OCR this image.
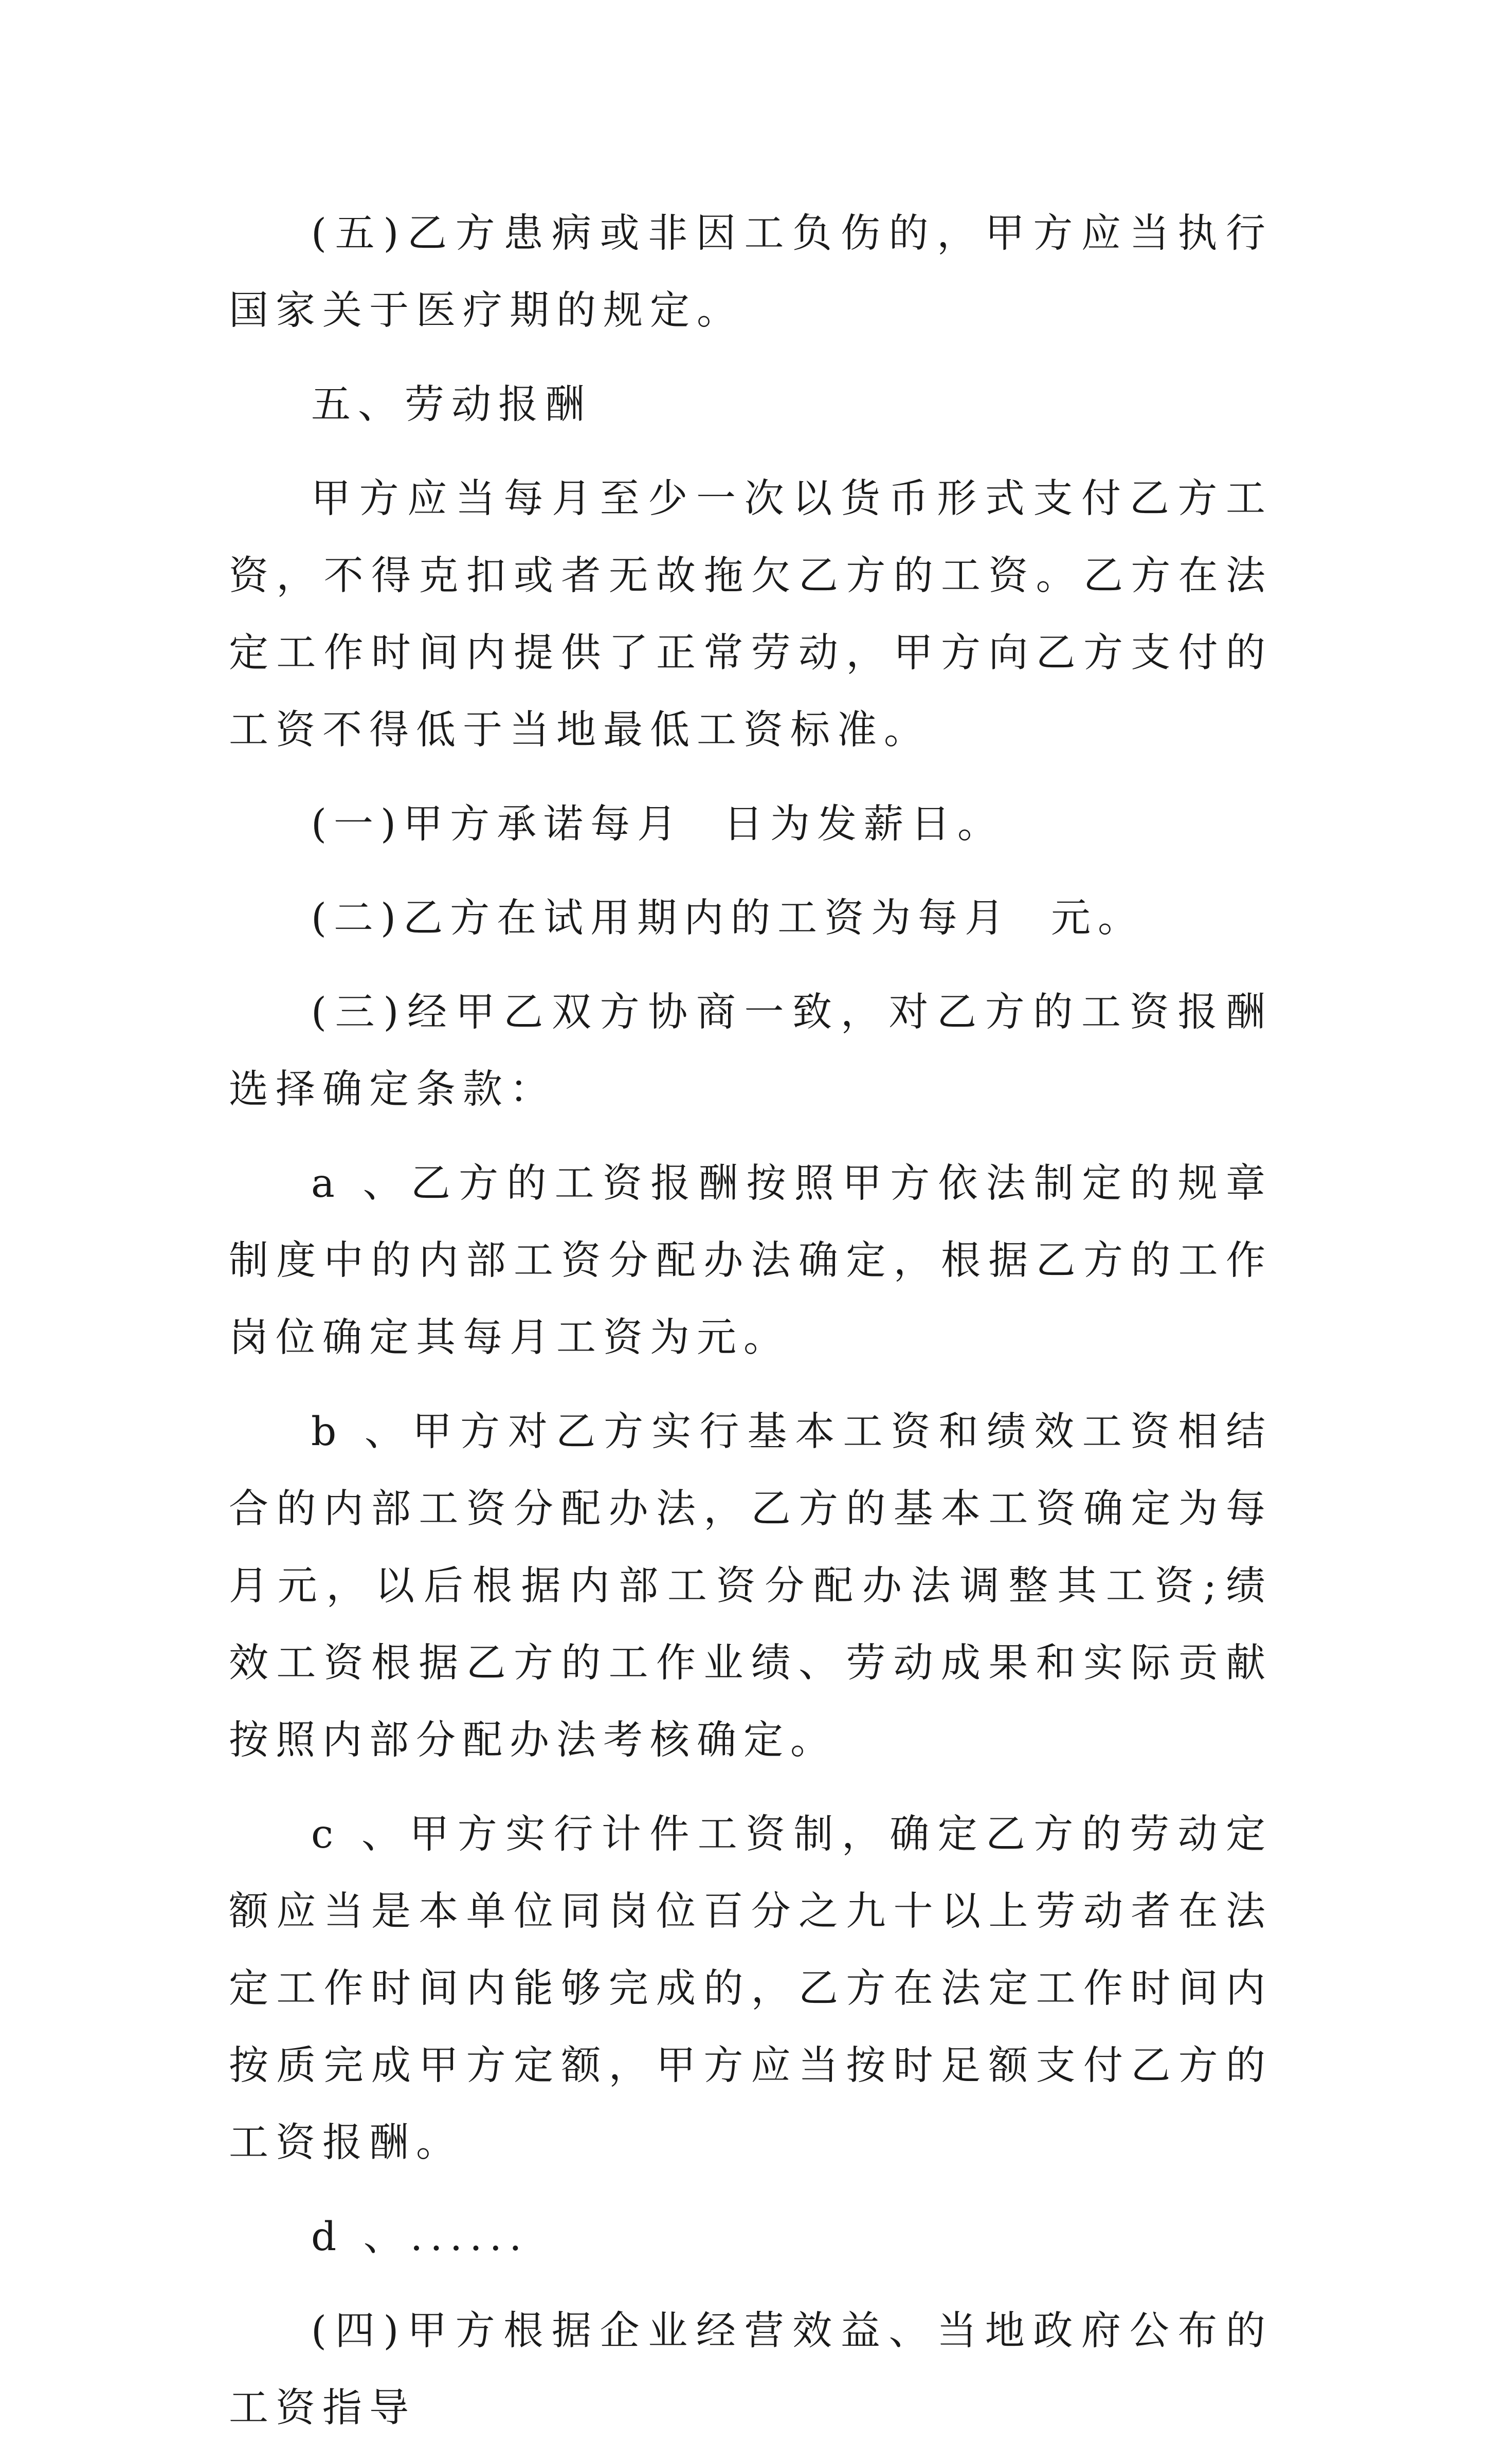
(五)乙方患病或非因工负伤的，甲方应当执行国家关于医疗期的规定。

五、劳动报酬

甲方应当每月至少一次以货币形式支付乙方工资，不得克扣或者无故拖欠乙方的工资。乙方在法定工作时间内提供了正常劳动，甲方向乙方支付的工资不得低于当地最低工资标准。

(一)甲方承诺每月  日为发薪日。

(二)乙方在试用期内的工资为每月  元。

(三)经甲乙双方协商一致，对乙方的工资报酬选择确定条款：

a 、乙方的工资报酬按照甲方依法制定的规章制度中的内部工资分配办法确定，根据乙方的工作岗位确定其每月工资为元。

b 、甲方对乙方实行基本工资和绩效工资相结合的内部工资分配办法，乙方的基本工资确定为每月元，以后根据内部工资分配办法调整其工资;绩效工资根据乙方的工作业绩、劳动成果和实际贡献按照内部分配办法考核确定。

c 、甲方实行计件工资制，确定乙方的劳动定额应当是本单位同岗位百分之九十以上劳动者在法定工作时间内能够完成的，乙方在法定工作时间内按质完成甲方定额，甲方应当按时足额支付乙方的工资报酬。

d 、......

(四)甲方根据企业经营效益、当地政府公布的工资指导
